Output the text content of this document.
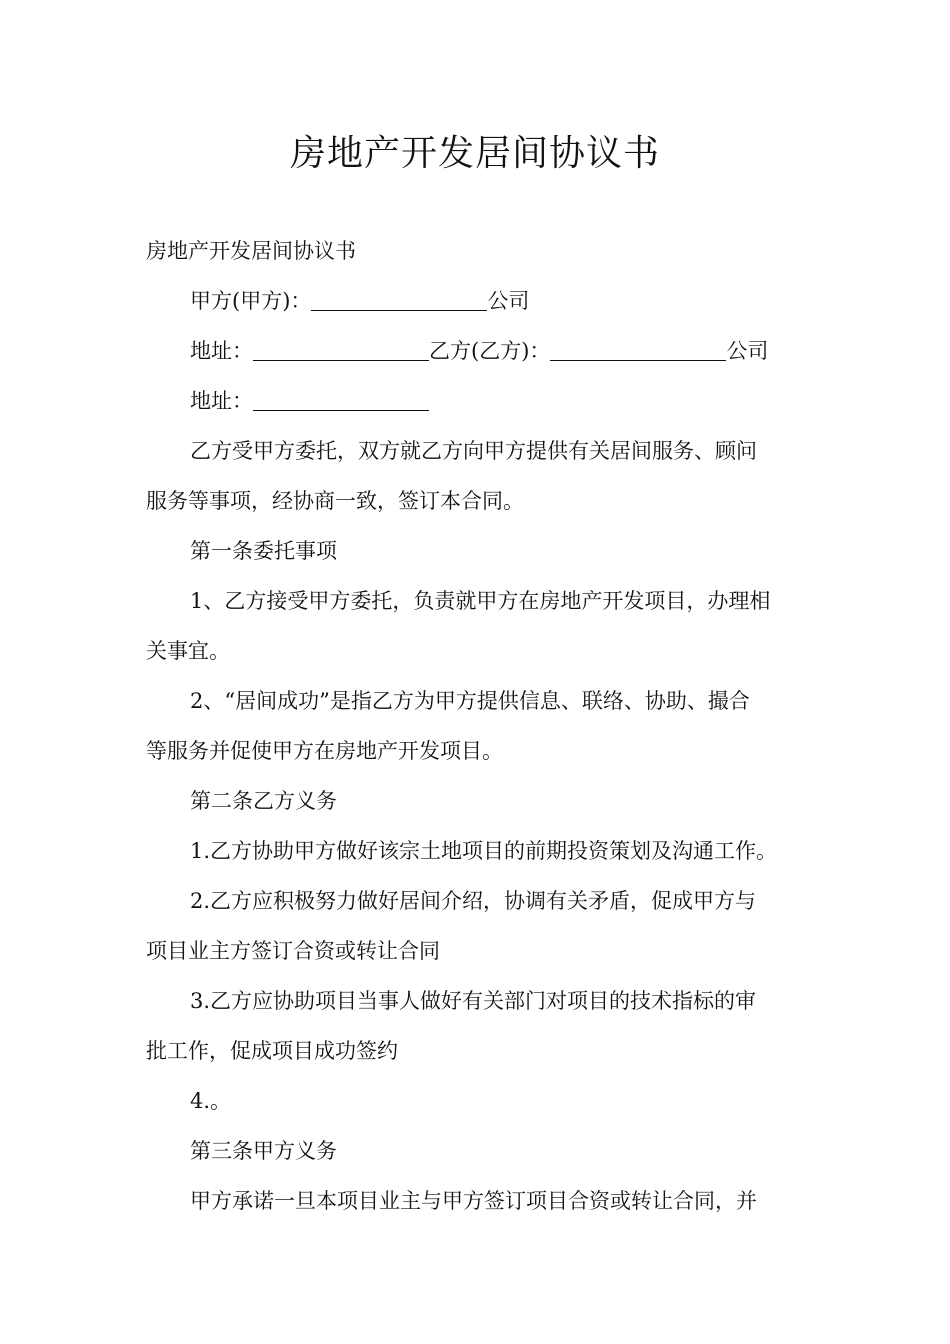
房地产开发居间协议书
房地产开发居间协议书
甲方(甲方)：	公司
地址：	乙方(乙方)：	公司
地址：
乙方受甲方委托，双方就乙方向甲方提供有关居间服务、顾问
服务等事项，经协商一致，签订本合同。
第一条委托事项
1、乙方接受甲方委托，负责就甲方在房地产开发项目，办理相
关事宜。
2、“居间成功”是指乙方为甲方提供信息、联络、协助、撮合
等服务并促使甲方在房地产开发项目。
第二条乙方义务
1.乙方协助甲方做好该宗土地项目的前期投资策划及沟通工作。
2.乙方应积极努力做好居间介绍，协调有关矛盾，促成甲方与
项目业主方签订合资或转让合同
3.乙方应协助项目当事人做好有关部门对项目的技术指标的审
批工作，促成项目成功签约
4.。
第三条甲方义务
甲方承诺一旦本项目业主与甲方签订项目合资或转让合同，并
